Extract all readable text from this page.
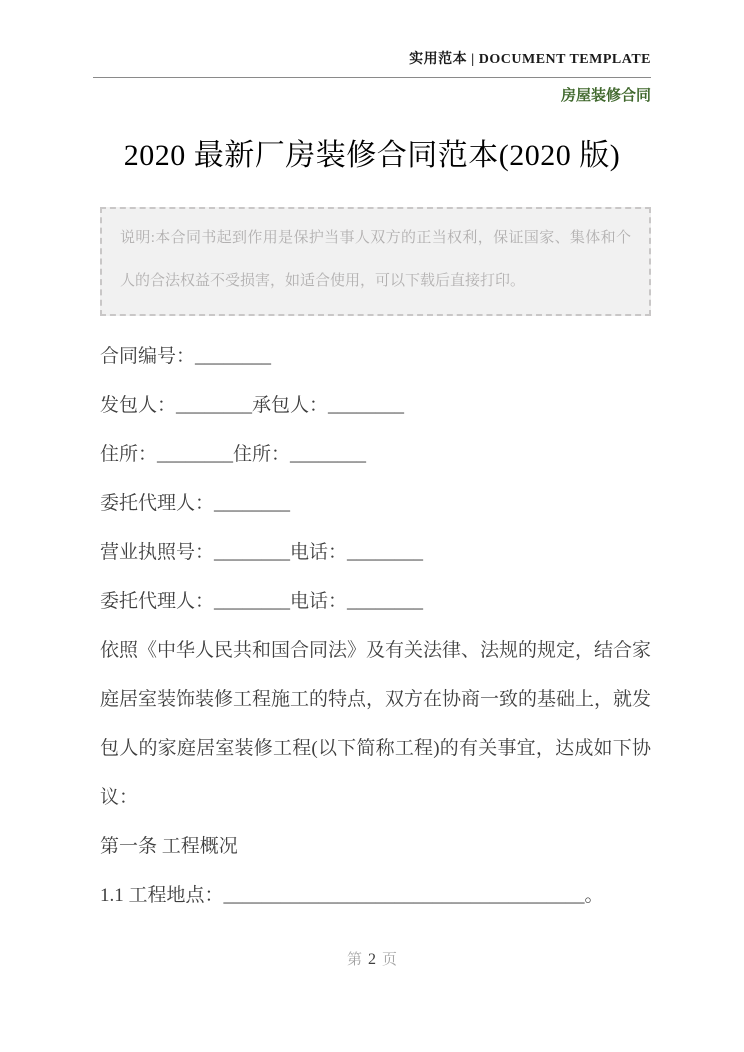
实用范本 | DOCUMENT TEMPLATE
房屋装修合同
2020 最新厂房装修合同范本(2020 版)

说明:本合同书起到作用是保护当事人双方的正当权利，保证国家、集体和个人的合法权益不受损害，如适合使用，可以下载后直接打印。

合同编号：________

发包人：________承包人：________

住所：________住所：________

委托代理人：________

营业执照号：________电话：________

委托代理人：________电话：________

依照《中华人民共和国合同法》及有关法律、法规的规定，结合家庭居室装饰装修工程施工的特点，双方在协商一致的基础上，就发包人的家庭居室装修工程(以下简称工程)的有关事宜，达成如下协议：

第一条 工程概况

1.1 工程地点：______________________________________。

第 2 页
